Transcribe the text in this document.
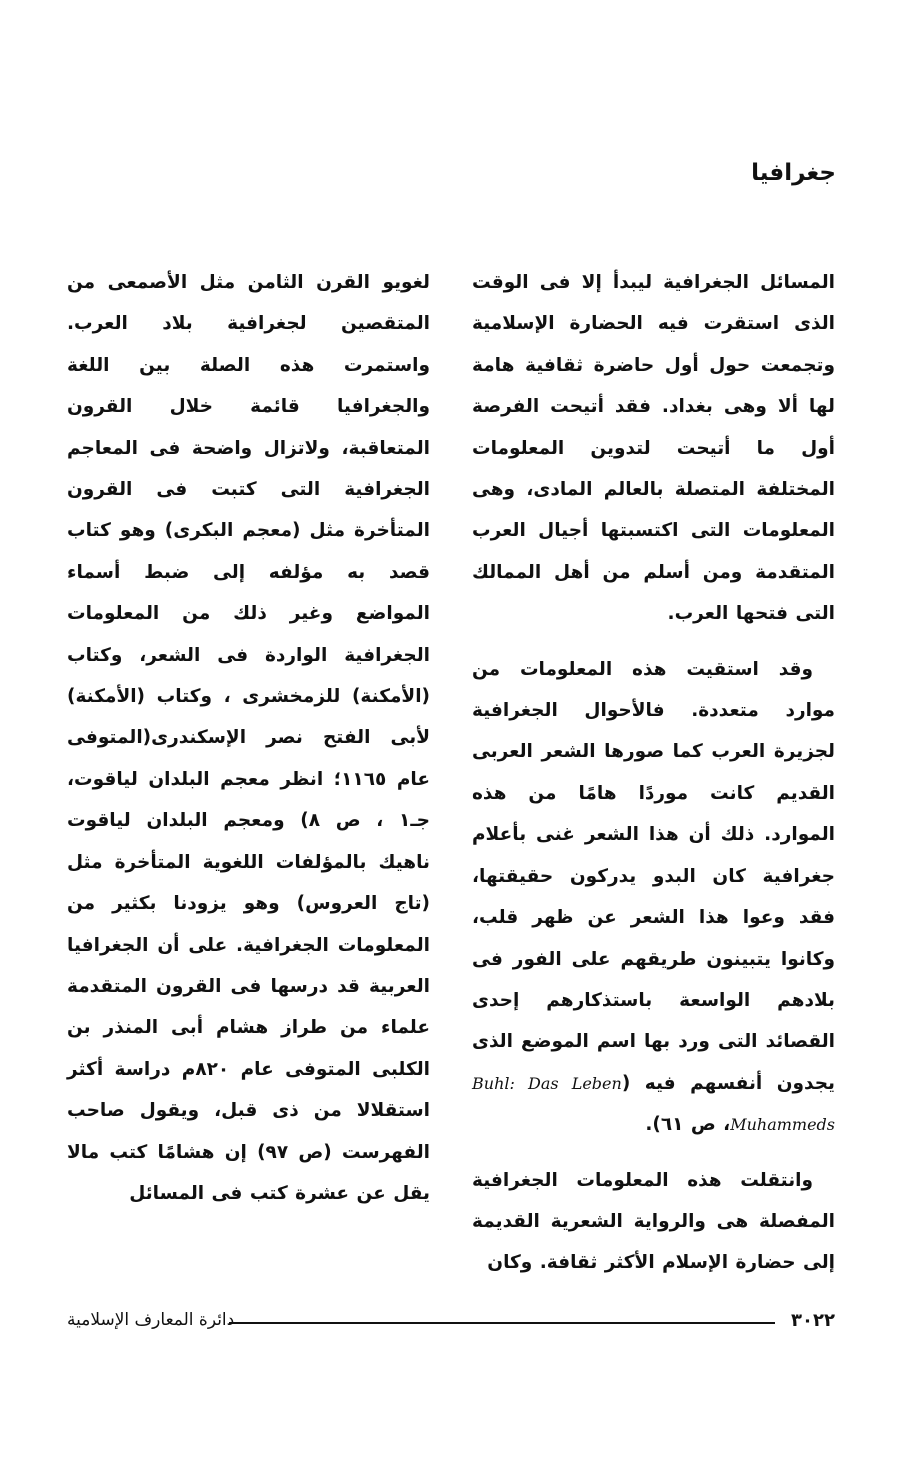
جغرافيا

المسائل الجغرافية ليبدأ إلا فى الوقت الذى استقرت فيه الحضارة الإسلامية وتجمعت حول أول حاضرة ثقافية هامة لها ألا وهى بغداد. فقد أتيحت الفرصة أول ما أتيحت لتدوين المعلومات المختلفة المتصلة بالعالم المادى، وهى المعلومات التى اكتسبتها أجيال العرب المتقدمة ومن أسلم من أهل الممالك التى فتحها العرب.

وقد استقيت هذه المعلومات من موارد متعددة. فالأحوال الجغرافية لجزيرة العرب كما صورها الشعر العربى القديم كانت موردًا هامًا من هذه الموارد. ذلك أن هذا الشعر غنى بأعلام جغرافية كان البدو يدركون حقيقتها، فقد وعوا هذا الشعر عن ظهر قلب، وكانوا يتبينون طريقهم على الفور فى بلادهم الواسعة باستذكارهم إحدى القصائد التى ورد بها اسم الموضع الذى يجدون أنفسهم فيه (Buhl: Das Leben Muhammeds، ص ٦١).

وانتقلت هذه المعلومات الجغرافية المفصلة هى والرواية الشعرية القديمة إلى حضارة الإسلام الأكثر ثقافة. وكان

لغويو القرن الثامن مثل الأصمعى من المتقصين لجغرافية بلاد العرب. واستمرت هذه الصلة بين اللغة والجغرافيا قائمة خلال القرون المتعاقبة، ولاتزال واضحة فى المعاجم الجغرافية التى كتبت فى القرون المتأخرة مثل (معجم البكرى) وهو كتاب قصد به مؤلفه إلى ضبط أسماء المواضع وغير ذلك من المعلومات الجغرافية الواردة فى الشعر، وكتاب (الأمكنة) للزمخشرى ، وكتاب (الأمكنة) لأبى الفتح نصر الإسكندرى(المتوفى عام ١١٦٥؛ انظر معجم البلدان لياقوت، جـ١ ، ص ٨) ومعجم البلدان لياقوت ناهيك بالمؤلفات اللغوية المتأخرة مثل (تاج العروس) وهو يزودنا بكثير من المعلومات الجغرافية. على أن الجغرافيا العربية قد درسها فى القرون المتقدمة علماء من طراز هشام أبى المنذر بن الكلبى المتوفى عام ٨٢٠م دراسة أكثر استقلالا من ذى قبل، ويقول صاحب الفهرست (ص ٩٧) إن هشامًا كتب مالا يقل عن عشرة كتب فى المسائل

٣٠٢٢
دائرة المعارف الإسلامية
